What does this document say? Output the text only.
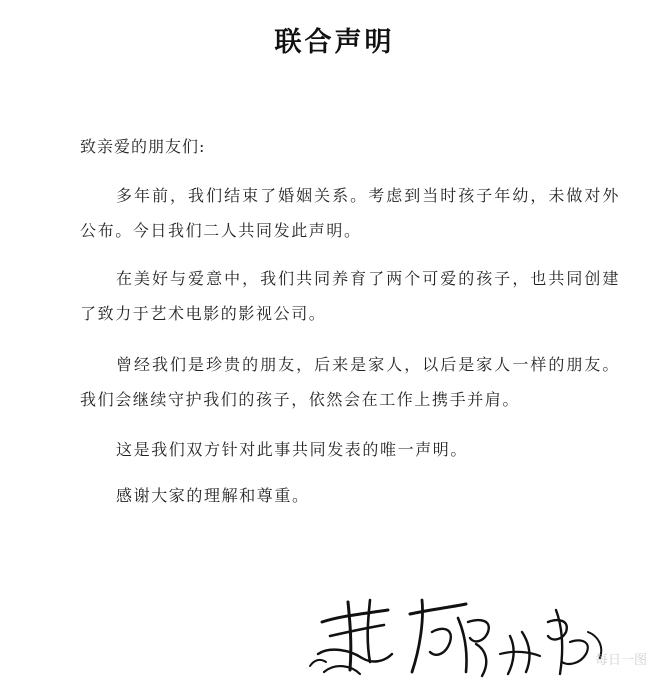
联合声明
致亲爱的朋友们:
多年前，我们结束了婚姻关系。考虑到当时孩子年幼，未做对外公布。今日我们二人共同发此声明。
在美好与爱意中，我们共同养育了两个可爱的孩子，也共同创建了致力于艺术电影的影视公司。
曾经我们是珍贵的朋友，后来是家人，以后是家人一样的朋友。我们会继续守护我们的孩子，依然会在工作上携手并肩。
这是我们双方针对此事共同发表的唯一声明。
感谢大家的理解和尊重。
每日一图
